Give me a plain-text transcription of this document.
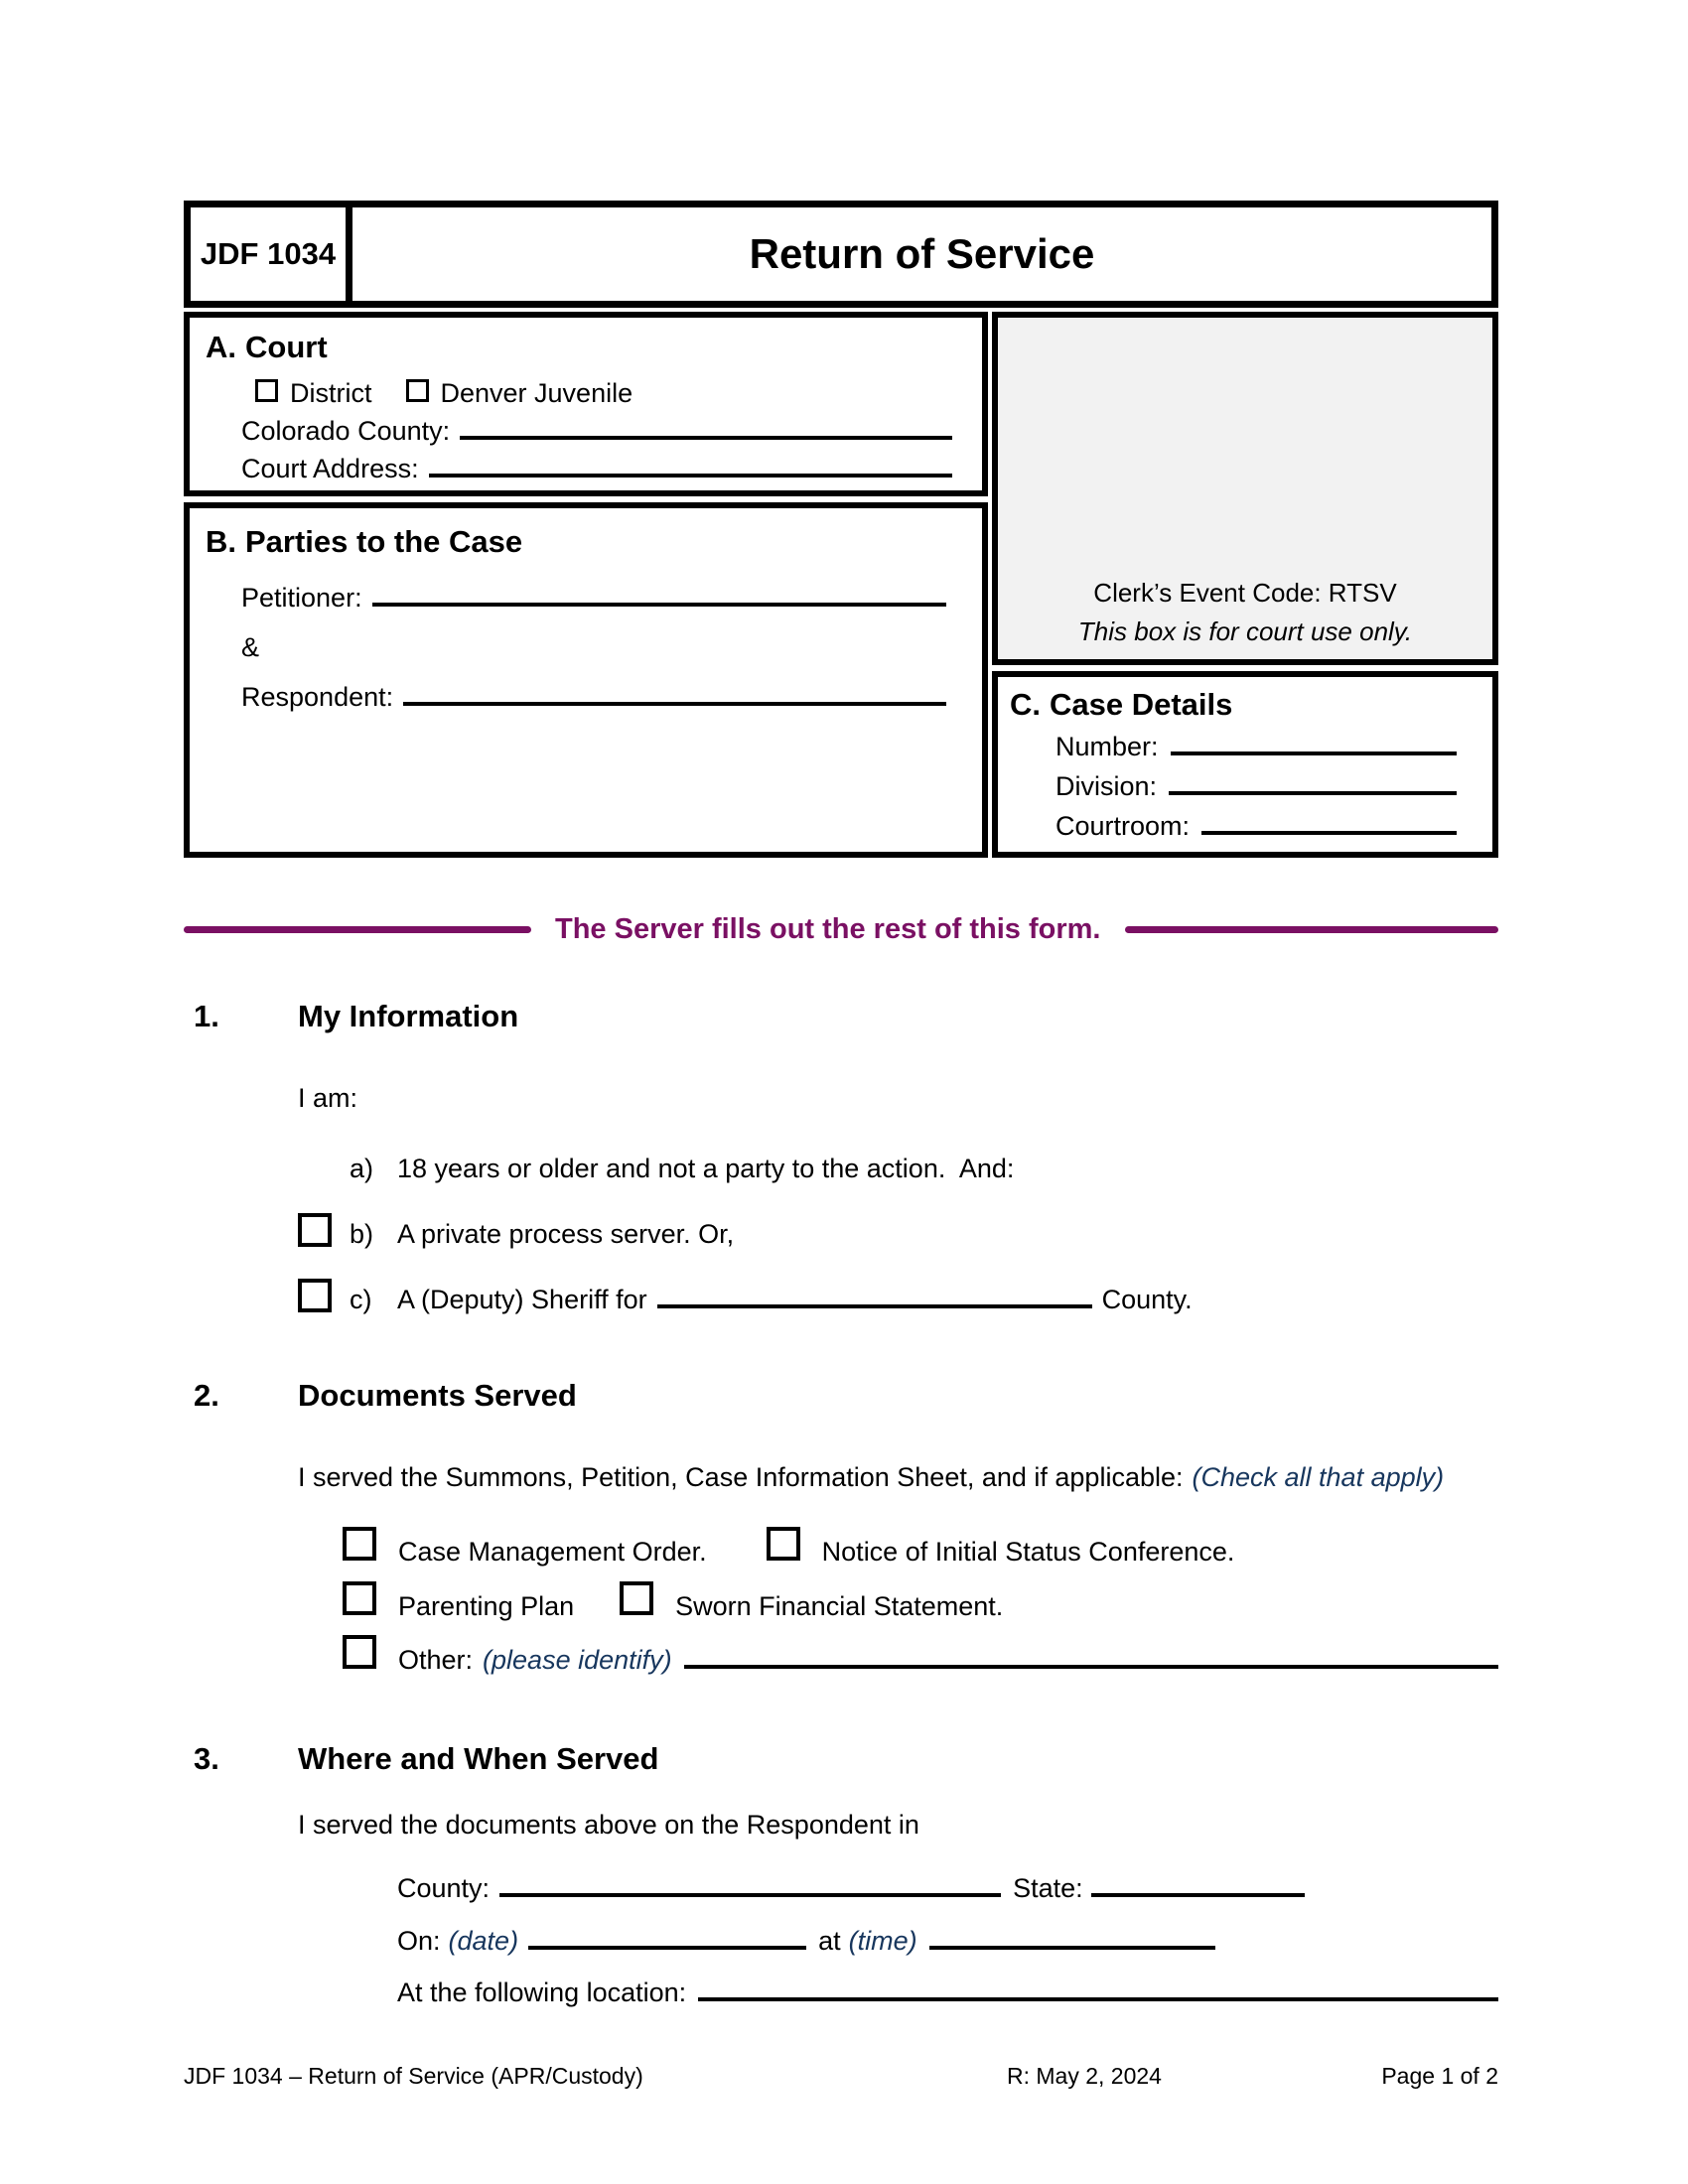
JDF 1034	Return of Service
A. Court
District	Denver Juvenile
Colorado County:
Court Address:
B. Parties to the Case
Petitioner:
&
Respondent:
Clerk’s Event Code: RTSV
This box is for court use only.
C. Case Details
Number:
Division:
Courtroom:
The Server fills out the rest of this form.
1.	My Information
I am:
a) 18 years or older and not a party to the action.  And:
b) A private process server. Or,
c) A (Deputy) Sheriff for	County.
2.	Documents Served
I served the Summons, Petition, Case Information Sheet, and if applicable: (Check all that apply)
Case Management Order.	Notice of Initial Status Conference.
Parenting Plan	Sworn Financial Statement.
Other: (please identify)
3.	Where and When Served
I served the documents above on the Respondent in
County:	State:
On: (date)	at (time)
At the following location:
JDF 1034 – Return of Service (APR/Custody)	R: May 2, 2024	Page 1 of 2
